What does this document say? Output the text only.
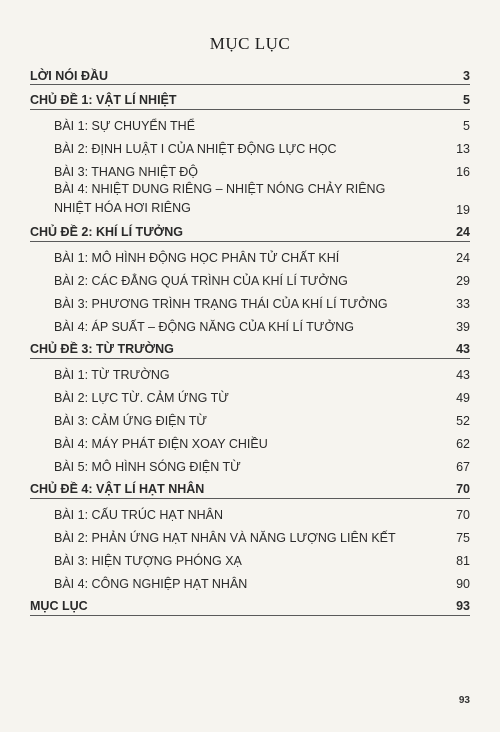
MỤC LỤC
LỜI NÓI ĐẦU	3
CHỦ ĐỀ 1: VẬT LÍ NHIỆT	5
BÀI 1: SỰ CHUYỂN THỂ	5
BÀI 2: ĐỊNH LUẬT I CỦA NHIỆT ĐỘNG LỰC HỌC	13
BÀI 3: THANG NHIỆT ĐỘ	16
BÀI 4: NHIỆT DUNG RIÊNG – NHIỆT NÓNG CHẢY RIÊNG
NHIỆT HÓA HƠI RIÊNG	19
CHỦ ĐỀ 2: KHÍ LÍ TƯỞNG	24
BÀI 1: MÔ HÌNH ĐỘNG HỌC PHÂN TỬ CHẤT KHÍ	24
BÀI 2: CÁC ĐẲNG QUÁ TRÌNH CỦA KHÍ LÍ TƯỞNG	29
BÀI 3: PHƯƠNG TRÌNH TRẠNG THÁI CỦA KHÍ LÍ TƯỞNG	33
BÀI 4: ÁP SUẤT – ĐỘNG NĂNG CỦA KHÍ LÍ TƯỞNG	39
CHỦ ĐỀ 3: TỪ TRƯỜNG	43
BÀI 1: TỪ TRƯỜNG	43
BÀI 2: LỰC TỪ. CẢM ỨNG TỪ	49
BÀI 3: CẢM ỨNG ĐIỆN TỪ	52
BÀI 4: MÁY PHÁT ĐIỆN XOAY CHIỀU	62
BÀI 5: MÔ HÌNH SÓNG ĐIỆN TỪ	67
CHỦ ĐỀ 4: VẬT LÍ HẠT NHÂN	70
BÀI 1: CẤU TRÚC HẠT NHÂN	70
BÀI 2: PHẢN ỨNG HẠT NHÂN VÀ NĂNG LƯỢNG LIÊN KẾT	75
BÀI 3: HIỆN TƯỢNG PHÓNG XẠ	81
BÀI 4: CÔNG NGHIỆP HẠT NHÂN	90
MỤC LỤC	93
93
